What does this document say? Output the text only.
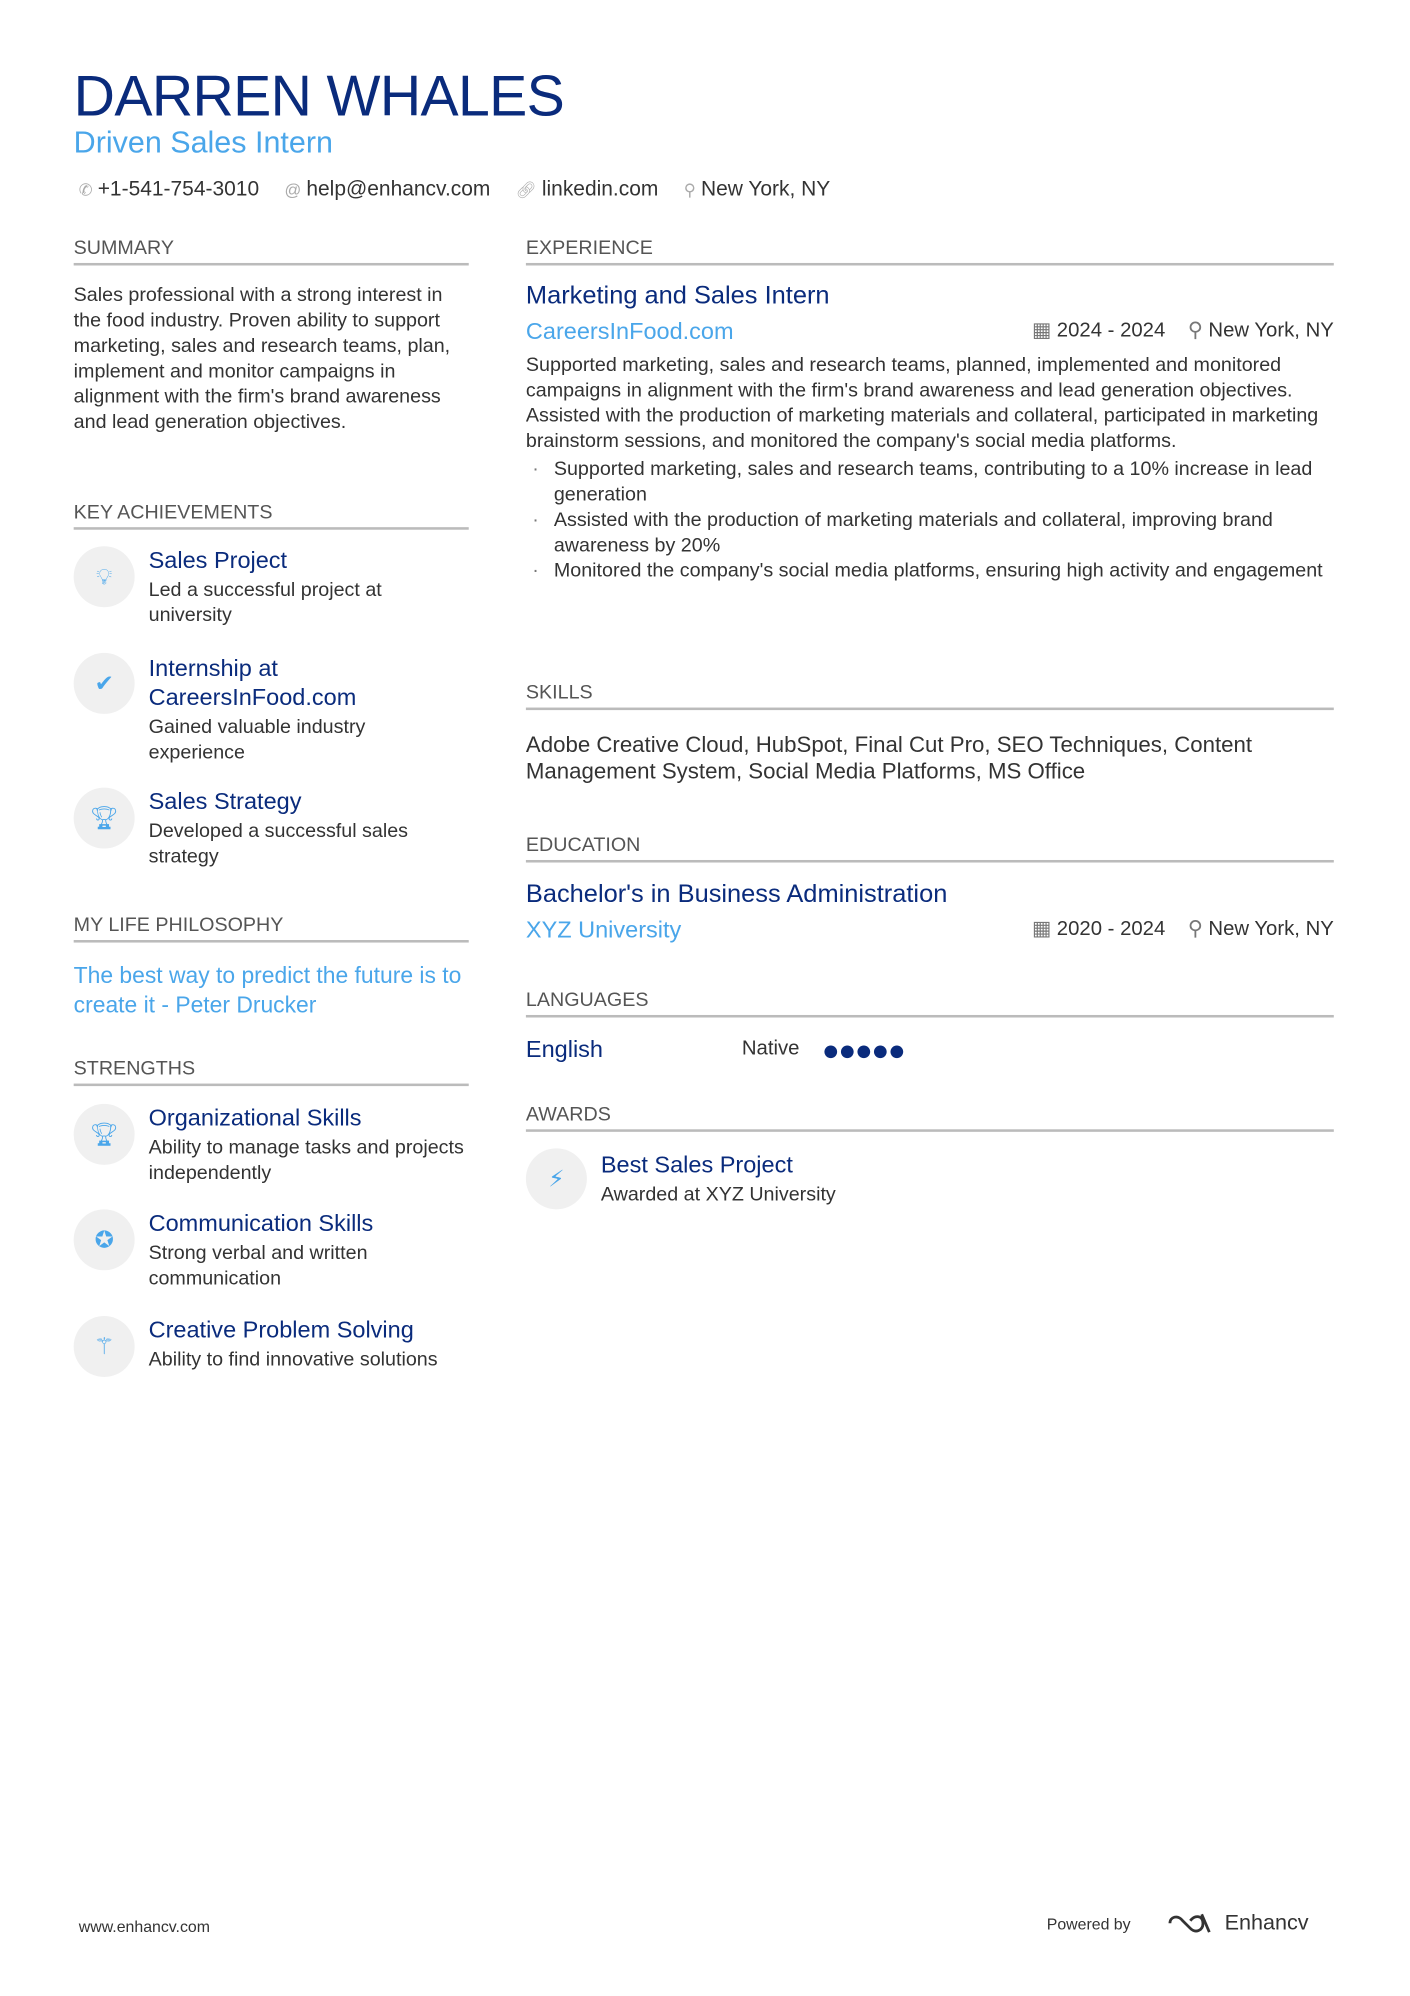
DARREN WHALES
Driven Sales Intern
✆ +1-541-754-3010 @ help@enhancv.com 🔗︎ linkedin.com ⚲ New York, NY
SUMMARY
Sales professional with a strong interest in the food industry. Proven ability to support marketing, sales and research teams, plan, implement and monitor campaigns in alignment with the firm's brand awareness and lead generation objectives.
KEY ACHIEVEMENTS
💡︎
Sales Project
Led a successful project at university
✔
Internship at CareersInFood.com
Gained valuable industry experience
🏆︎
Sales Strategy
Developed a successful sales strategy
MY LIFE PHILOSOPHY
The best way to predict the future is to create it - Peter Drucker
STRENGTHS
🏆︎
Organizational Skills
Ability to manage tasks and projects independently
✪
Communication Skills
Strong verbal and written communication
⚚
Creative Problem Solving
Ability to find innovative solutions
EXPERIENCE
Marketing and Sales Intern
CareersInFood.com	▦ 2024 - 2024 ⚲ New York, NY
Supported marketing, sales and research teams, planned, implemented and monitored campaigns in alignment with the firm's brand awareness and lead generation objectives. Assisted with the production of marketing materials and collateral, participated in marketing brainstorm sessions, and monitored the company's social media platforms.
· Supported marketing, sales and research teams, contributing to a 10% increase in lead generation
· Assisted with the production of marketing materials and collateral, improving brand awareness by 20%
· Monitored the company's social media platforms, ensuring high activity and engagement
SKILLS
Adobe Creative Cloud, HubSpot, Final Cut Pro, SEO Techniques, Content Management System, Social Media Platforms, MS Office
EDUCATION
Bachelor's in Business Administration
XYZ University	▦ 2020 - 2024 ⚲ New York, NY
LANGUAGES
English	Native
AWARDS
⚡︎
Best Sales Project
Awarded at XYZ University
www.enhancv.com	Powered by	Enhancv
